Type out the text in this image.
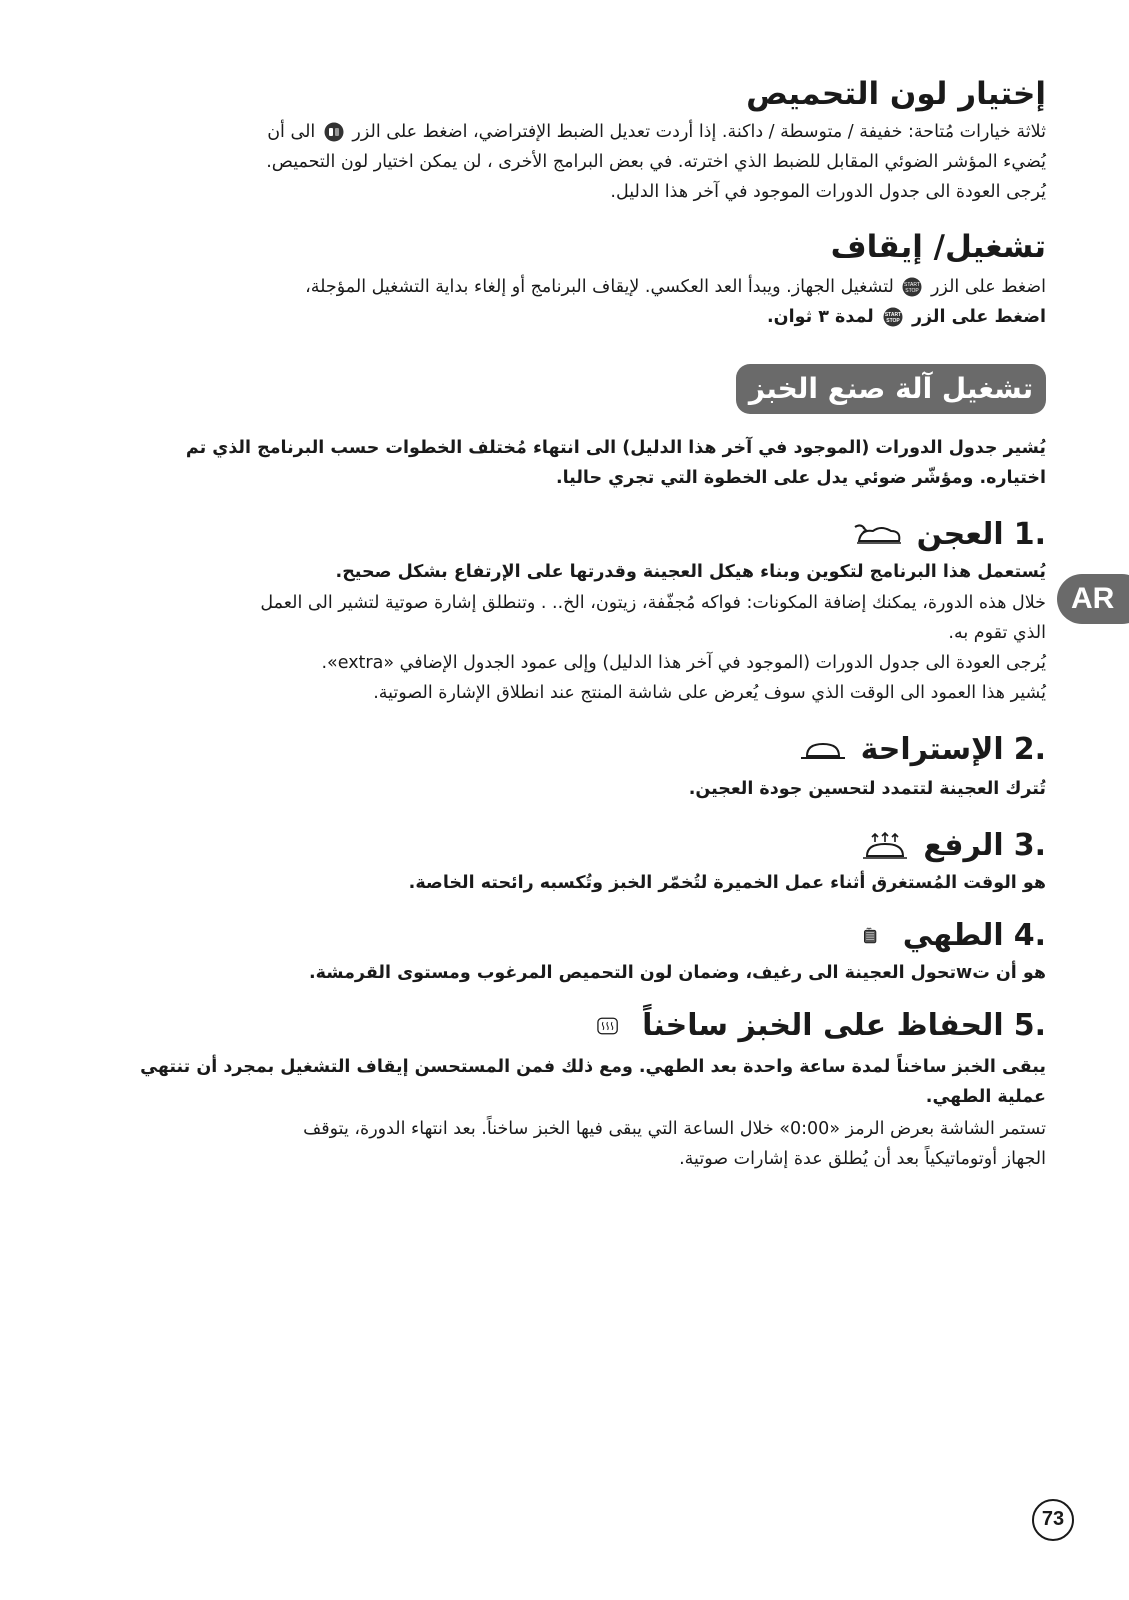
إختيار لون التحميص
ثلاثة خيارات مُتاحة: خفيفة / متوسطة / داكنة. إذا أردت تعديل الضبط الإفتراضي، اضغط على الزر  الى أن
يُضيء المؤشر الضوئي المقابل للضبط الذي اخترته. في بعض البرامج الأخرى ، لن يمكن اختيار لون التحميص.
يُرجى العودة الى جدول الدورات الموجود في آخر هذا الدليل.
تشغيل/ إيقاف
اضغط على الزر
START
STOP
لتشغيل الجهاز. ويبدأ العد العكسي. لإيقاف البرنامج أو إلغاء بداية التشغيل المؤجلة،
اضغط على الزر
START
STOP
لمدة ٣ ثوان.
تشغيل آلة صنع الخبز
يُشير جدول الدورات (الموجود في آخر هذا الدليل) الى انتهاء مُختلف الخطوات حسب البرنامج الذي تم
اختياره. ومؤشّر ضوئي يدل على الخطوة التي تجري حاليا.
1.
العجن
يُستعمل هذا البرنامج لتكوين وبناء هيكل العجينة وقدرتها على الإرتفاع بشكل صحيح.
خلال هذه الدورة، يمكنك إضافة المكونات: فواكه مُجفّفة، زيتون، الخ.. . وتنطلق إشارة صوتية لتشير الى العمل
الذي تقوم به.
يُرجى العودة الى جدول الدورات (الموجود في آخر هذا الدليل) وإلى عمود الجدول الإضافي «extra».
يُشير هذا العمود الى الوقت الذي سوف يُعرض على شاشة المنتج عند انطلاق الإشارة الصوتية.
2.
الإستراحة
تُترك العجينة لتتمدد لتحسين جودة العجين.
3.
الرفع
هو الوقت المُستغرق أثناء عمل الخميرة لتُخمّر الخبز وتُكسبه رائحته الخاصة.
4.
الطهي
هو أن تwتحول العجينة الى رغيف، وضمان لون التحميص المرغوب ومستوى القرمشة.
5.
الحفاظ على الخبز ساخناً
يبقى الخبز ساخناً لمدة ساعة واحدة بعد الطهي. ومع ذلك فمن المستحسن إيقاف التشغيل بمجرد أن تنتهي
عملية الطهي.
تستمر الشاشة بعرض الرمز «0:00» خلال الساعة التي يبقى فيها الخبز ساخناً. بعد انتهاء الدورة، يتوقف
الجهاز أوتوماتيكياً بعد أن يُطلق عدة إشارات صوتية.
AR
73
